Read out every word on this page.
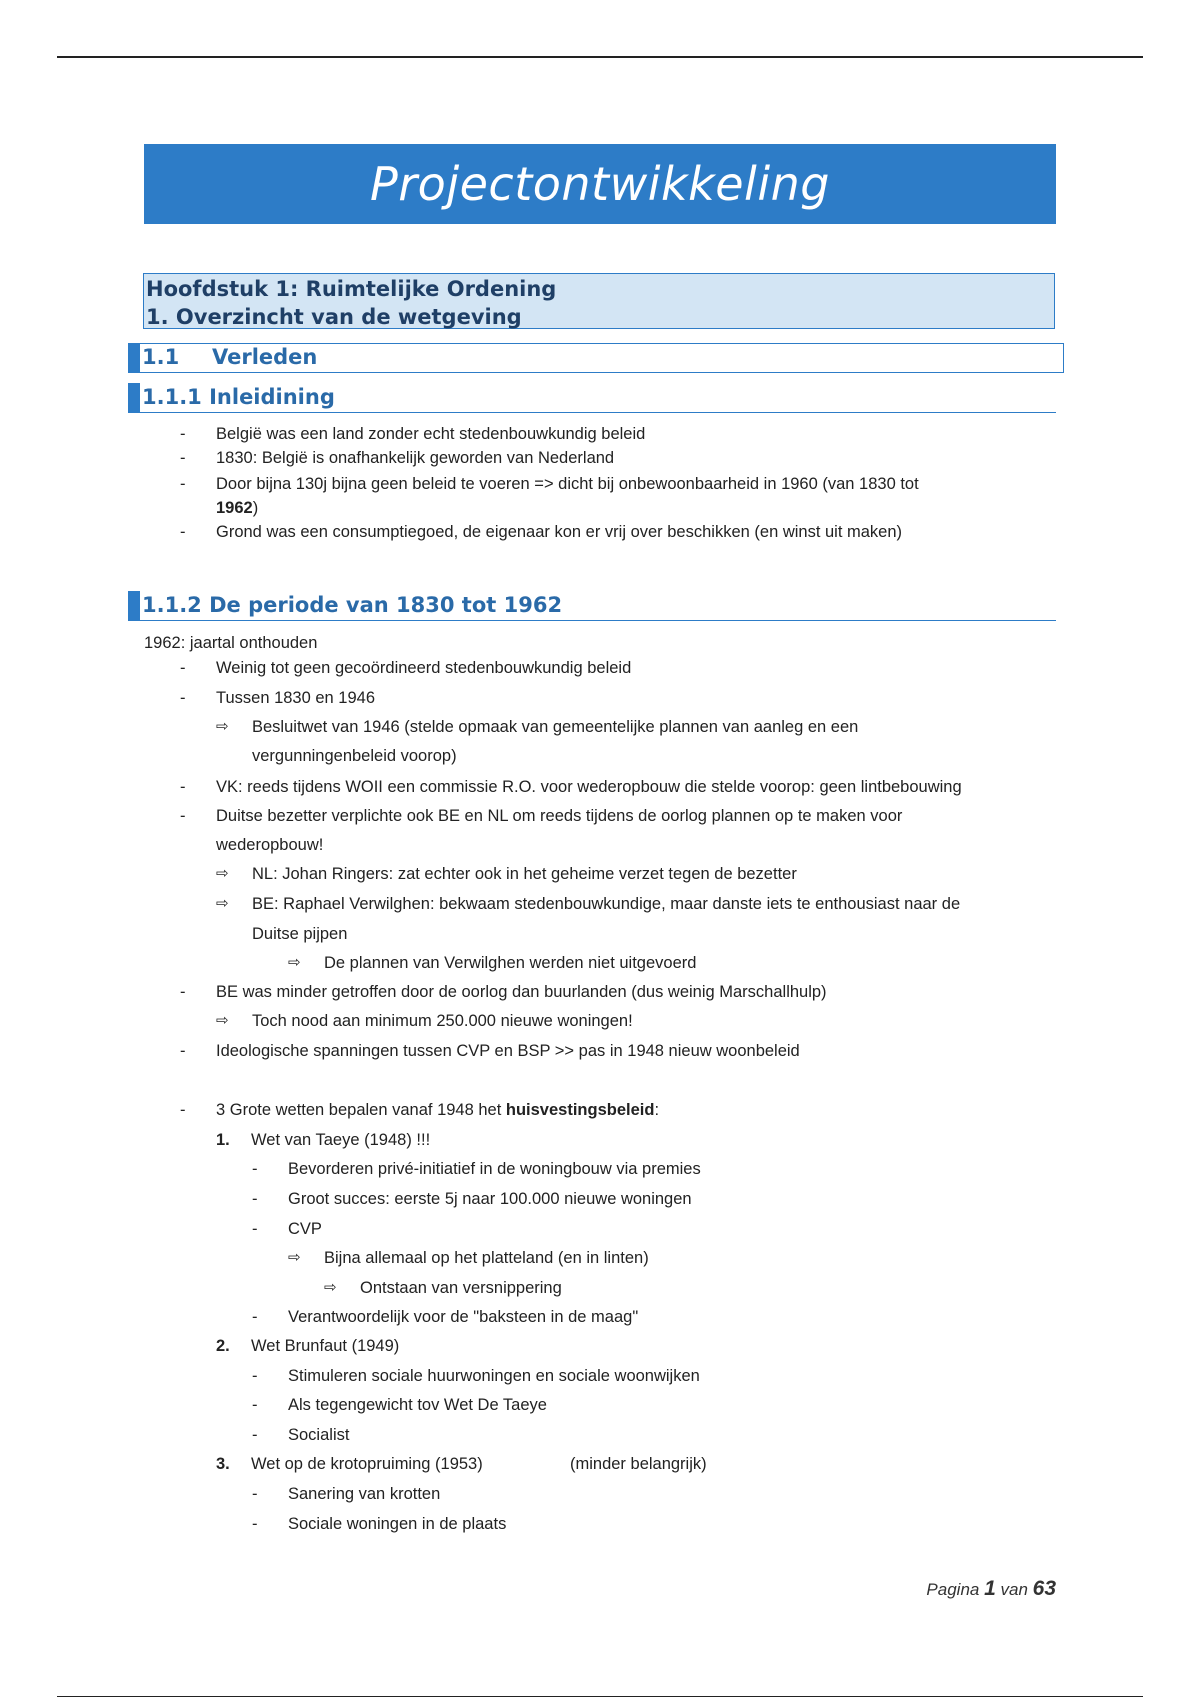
Projectontwikkeling
Hoofdstuk 1: Ruimtelijke Ordening
1. Overzincht van de wetgeving
1.1 Verleden
1.1.1 Inleidining
- België was een land zonder echt stedenbouwkundig beleid
- 1830: België is onafhankelijk geworden van Nederland
- Door bijna 130j bijna geen beleid te voeren => dicht bij onbewoonbaarheid in 1960 (van 1830 tot
1962)
- Grond was een consumptiegoed, de eigenaar kon er vrij over beschikken (en winst uit maken)
1.1.2 De periode van 1830 tot 1962
1962: jaartal onthouden
- Weinig tot geen gecoördineerd stedenbouwkundig beleid
- Tussen 1830 en 1946
⇨ Besluitwet van 1946 (stelde opmaak van gemeentelijke plannen van aanleg en een
vergunningenbeleid voorop)
- VK: reeds tijdens WOII een commissie R.O. voor wederopbouw die stelde voorop: geen lintbebouwing
- Duitse bezetter verplichte ook BE en NL om reeds tijdens de oorlog plannen op te maken voor
wederopbouw!
⇨ NL: Johan Ringers: zat echter ook in het geheime verzet tegen de bezetter
⇨ BE: Raphael Verwilghen: bekwaam stedenbouwkundige, maar danste iets te enthousiast naar de
Duitse pijpen
⇨ De plannen van Verwilghen werden niet uitgevoerd
- BE was minder getroffen door de oorlog dan buurlanden (dus weinig Marschallhulp)
⇨ Toch nood aan minimum 250.000 nieuwe woningen!
- Ideologische spanningen tussen CVP en BSP >> pas in 1948 nieuw woonbeleid
- 3 Grote wetten bepalen vanaf 1948 het huisvestingsbeleid:
1. Wet van Taeye (1948) !!!
- Bevorderen privé-initiatief in de woningbouw via premies
- Groot succes: eerste 5j naar 100.000 nieuwe woningen
- CVP
⇨ Bijna allemaal op het platteland (en in linten)
⇨ Ontstaan van versnippering
- Verantwoordelijk voor de "baksteen in de maag"
2. Wet Brunfaut (1949)
- Stimuleren sociale huurwoningen en sociale woonwijken
- Als tegengewicht tov Wet De Taeye
- Socialist
3. Wet op de krotopruiming (1953)	(minder belangrijk)
- Sanering van krotten
- Sociale woningen in de plaats
Pagina 1 van 63
